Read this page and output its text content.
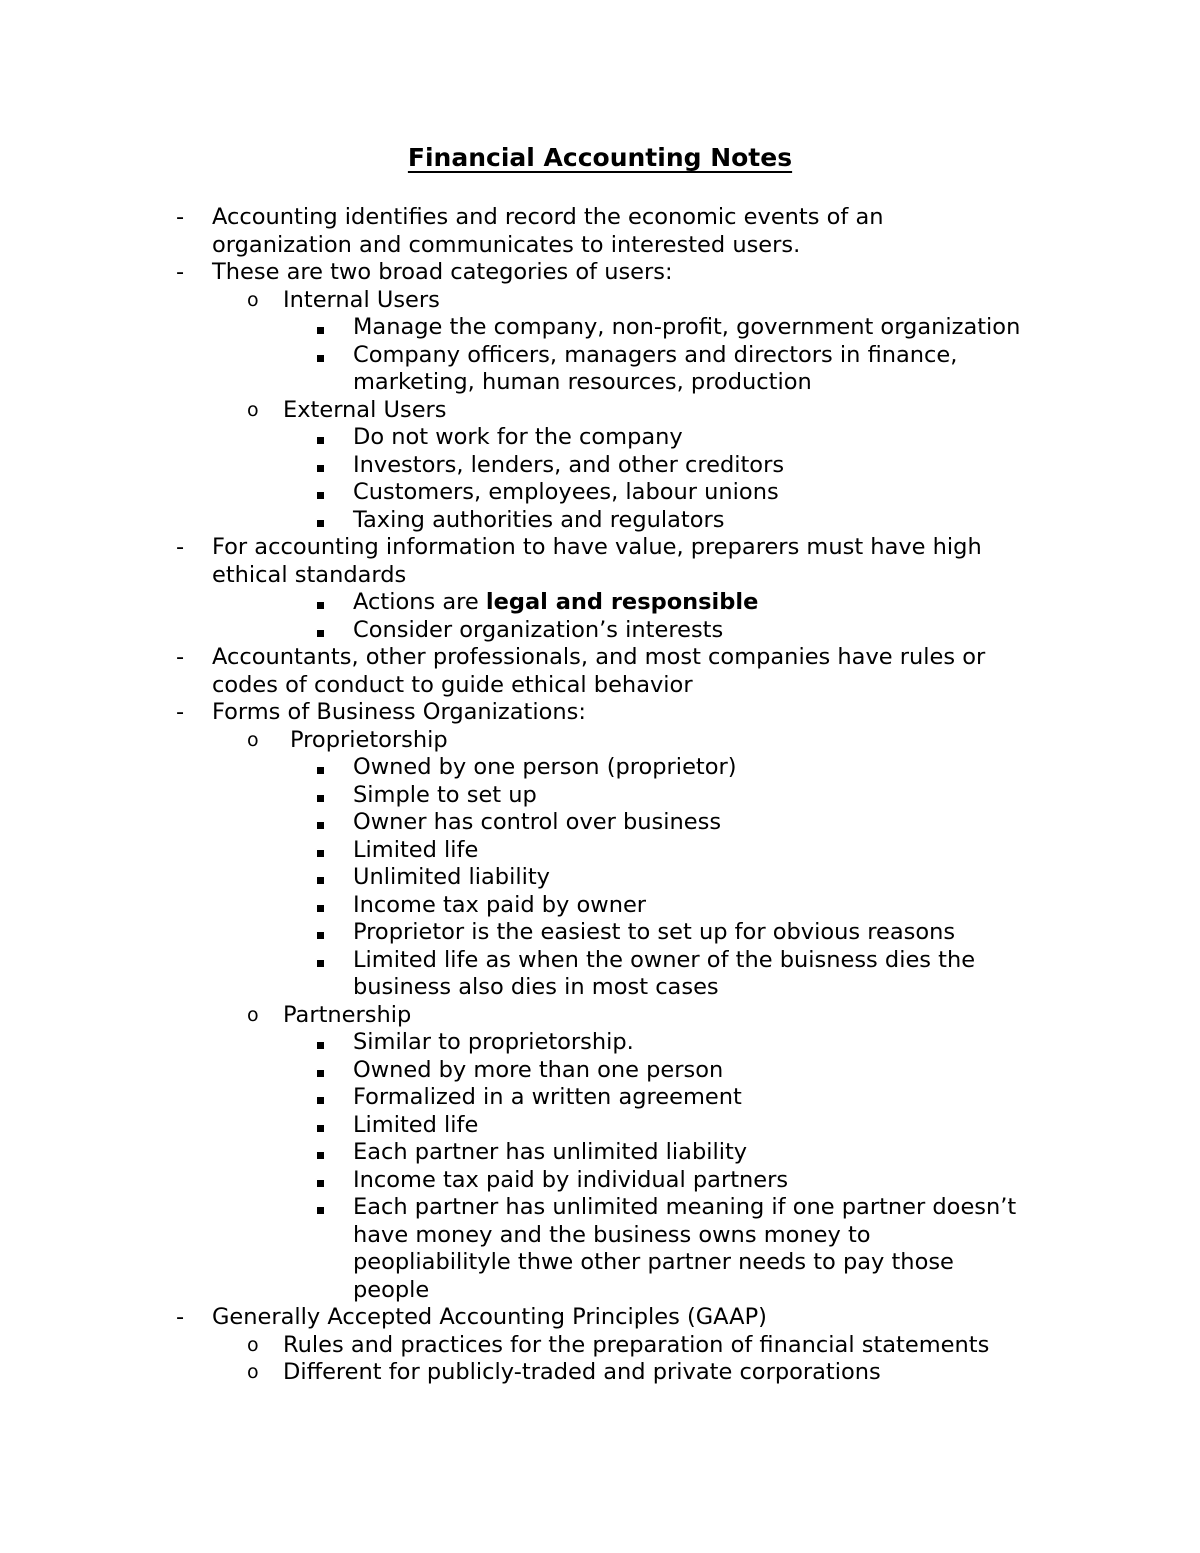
Financial Accounting Notes
- Accounting identifies and record the economic events of an
organization and communicates to interested users.
- These are two broad categories of users:
o Internal Users
Manage the company, non-profit, government organization
Company officers, managers and directors in finance,
marketing, human resources, production
o External Users
Do not work for the company
Investors, lenders, and other creditors
Customers, employees, labour unions
Taxing authorities and regulators
- For accounting information to have value, preparers must have high
ethical standards
Actions are legal and responsible
Consider organization’s interests
- Accountants, other professionals, and most companies have rules or
codes of conduct to guide ethical behavior
- Forms of Business Organizations:
o Proprietorship
Owned by one person (proprietor)
Simple to set up
Owner has control over business
Limited life
Unlimited liability
Income tax paid by owner
Proprietor is the easiest to set up for obvious reasons
Limited life as when the owner of the buisness dies the
business also dies in most cases
o Partnership
Similar to proprietorship.
Owned by more than one person
Formalized in a written agreement
Limited life
Each partner has unlimited liability
Income tax paid by individual partners
Each partner has unlimited meaning if one partner doesn’t
have money and the business owns money to
peopliabilityle thwe other partner needs to pay those
people
- Generally Accepted Accounting Principles (GAAP)
o Rules and practices for the preparation of financial statements
o Different for publicly-traded and private corporations
